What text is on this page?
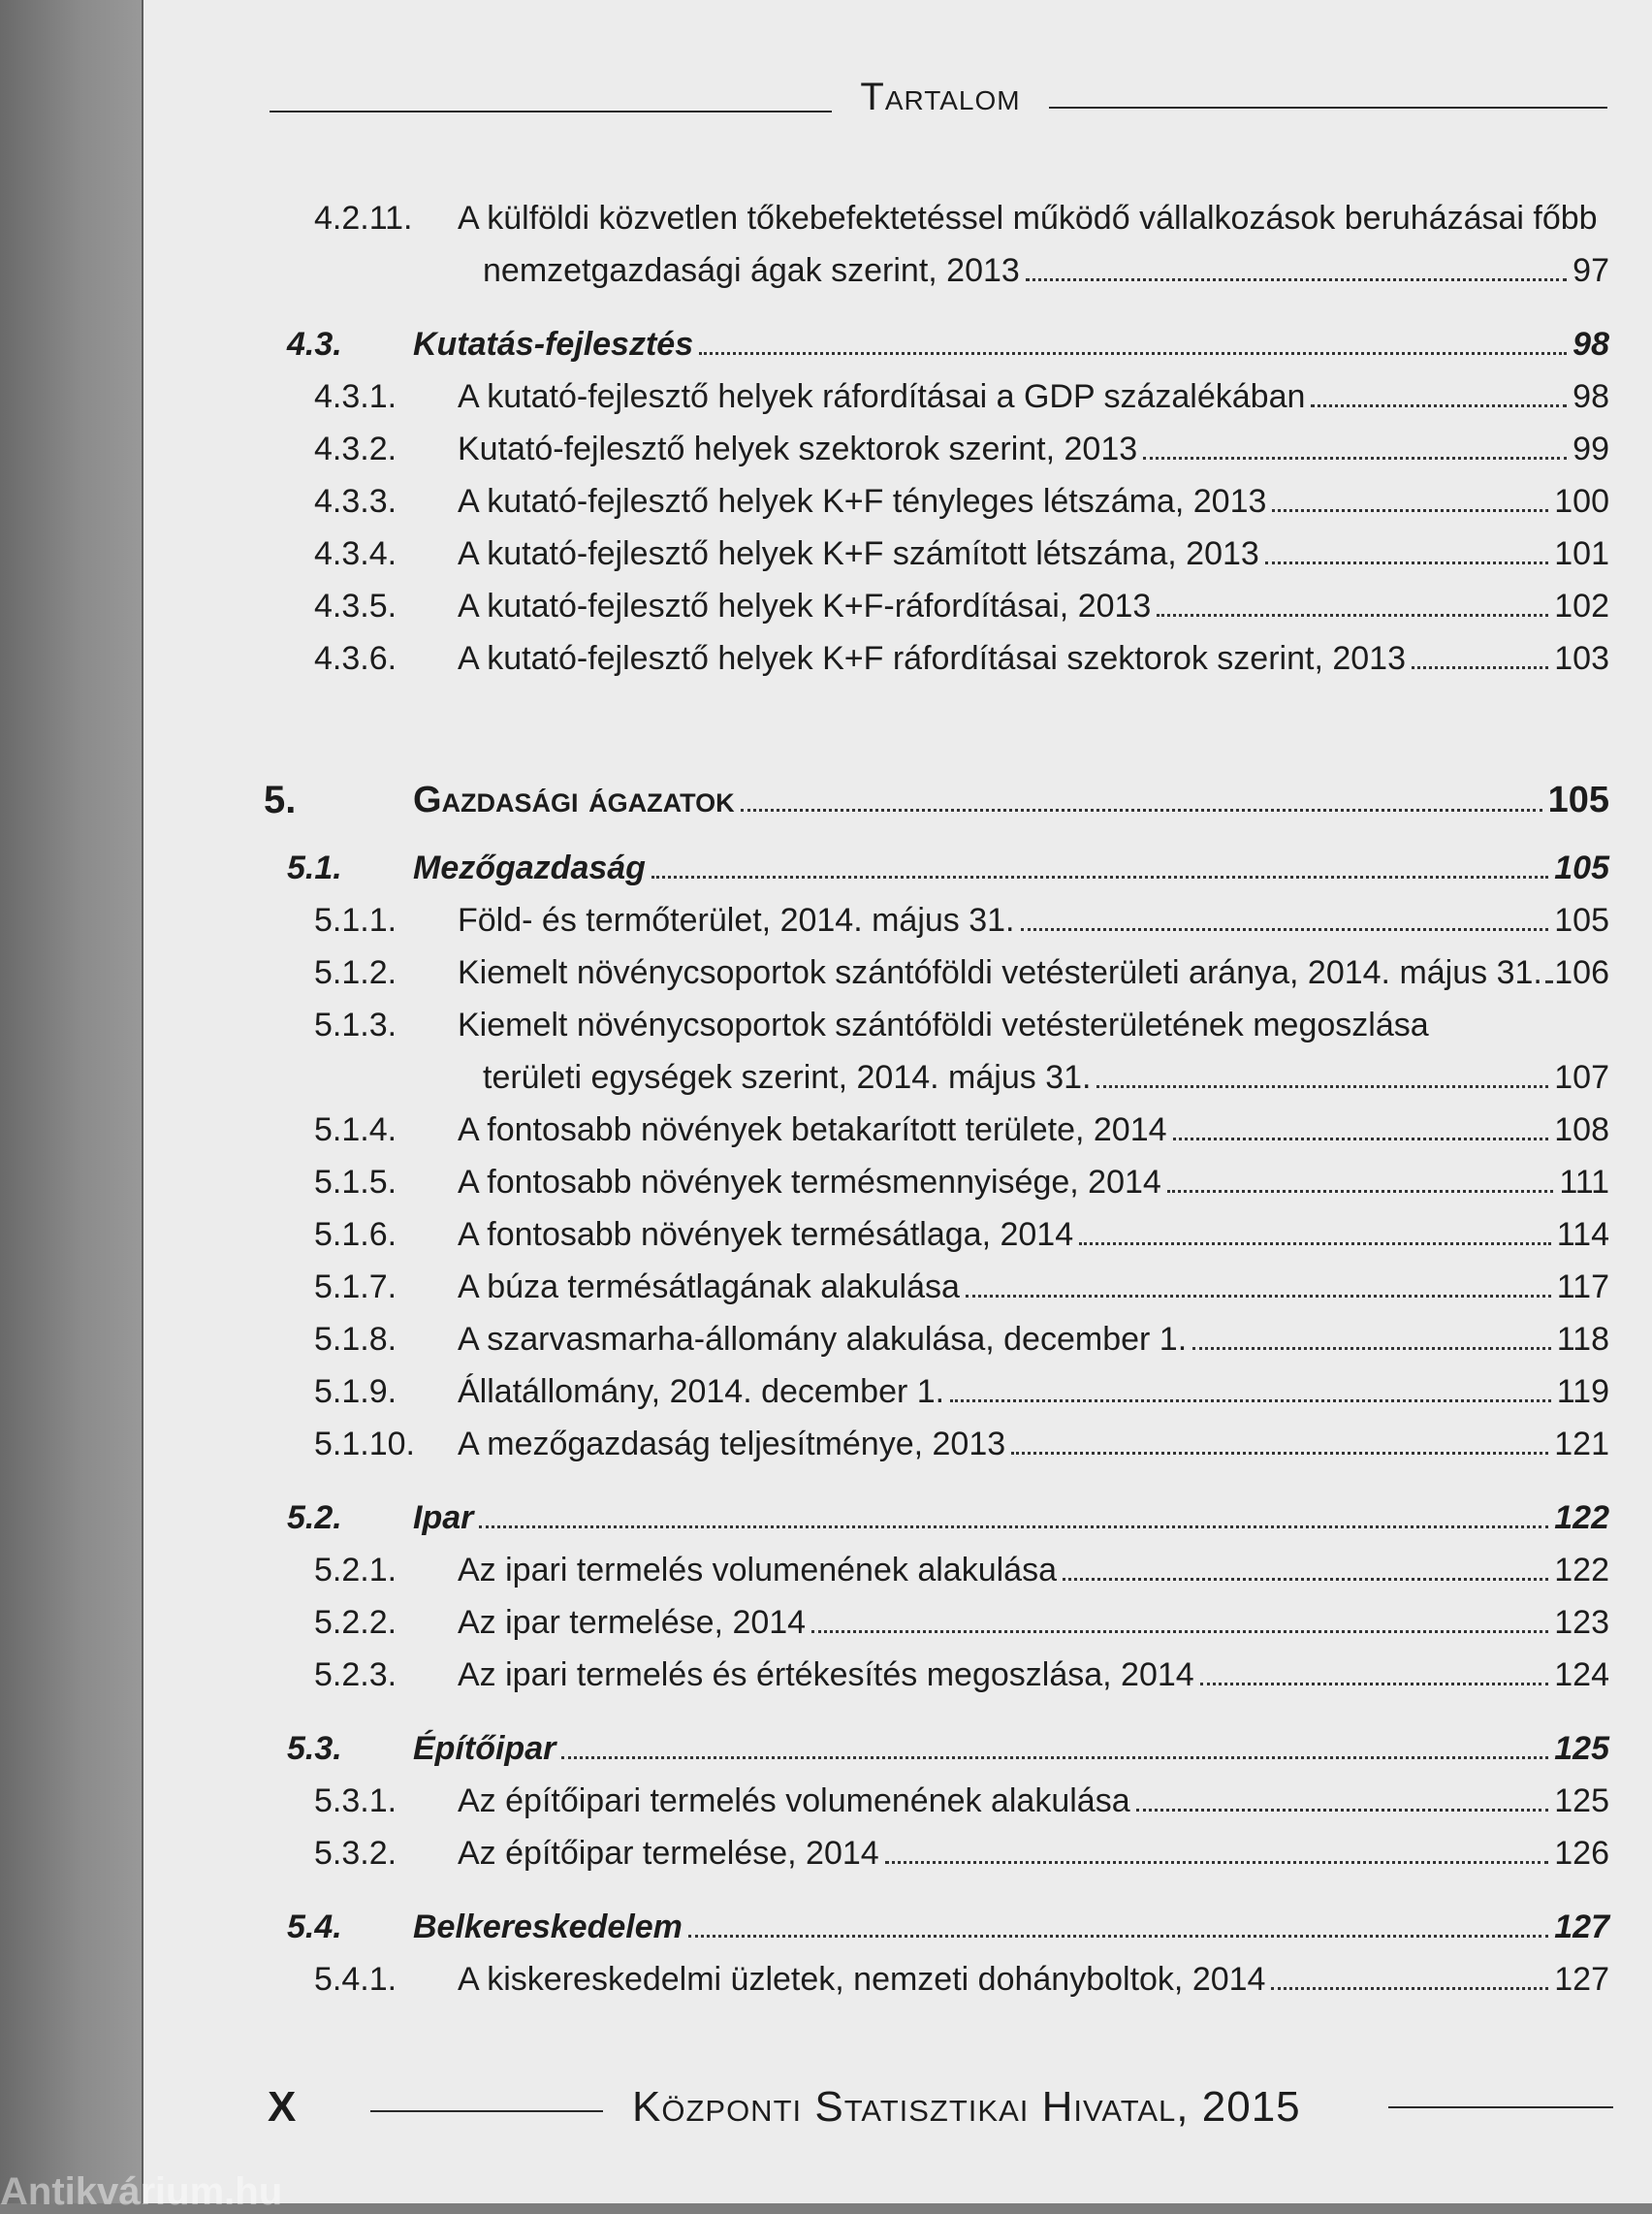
Tartalom
4.2.11. A külföldi közvetlen tőkebefektetéssel működő vállalkozások beruházásai főbb
nemzetgazdasági ágak szerint, 2013	97
4.3. Kutatás-fejlesztés	98
4.3.1. A kutató-fejlesztő helyek ráfordításai a GDP százalékában	98
4.3.2. Kutató-fejlesztő helyek szektorok szerint, 2013	99
4.3.3. A kutató-fejlesztő helyek K+F tényleges létszáma, 2013	100
4.3.4. A kutató-fejlesztő helyek K+F számított létszáma, 2013	101
4.3.5. A kutató-fejlesztő helyek K+F-ráfordításai, 2013	102
4.3.6. A kutató-fejlesztő helyek K+F ráfordításai szektorok szerint, 2013	103
5.	Gazdasági ágazatok	105
5.1. Mezőgazdaság	105
5.1.1. Föld- és termőterület, 2014. május 31.	105
5.1.2. Kiemelt növénycsoportok szántóföldi vetésterületi aránya, 2014. május 31. 106
5.1.3. Kiemelt növénycsoportok szántóföldi vetésterületének megoszlása
területi egységek szerint, 2014. május 31.	107
5.1.4. A fontosabb növények betakarított területe, 2014	108
5.1.5. A fontosabb növények termésmennyisége, 2014	111
5.1.6. A fontosabb növények termésátlaga, 2014	114
5.1.7. A búza termésátlagának alakulása	117
5.1.8. A szarvasmarha-állomány alakulása, december 1.	118
5.1.9. Állatállomány, 2014. december 1.	119
5.1.10. A mezőgazdaság teljesítménye, 2013	121
5.2. Ipar	122
5.2.1. Az ipari termelés volumenének alakulása	122
5.2.2. Az ipar termelése, 2014	123
5.2.3. Az ipari termelés és értékesítés megoszlása, 2014	124
5.3. Építőipar	125
5.3.1. Az építőipari termelés volumenének alakulása	125
5.3.2. Az építőipar termelése, 2014	126
5.4. Belkereskedelem	127
5.4.1. A kiskereskedelmi üzletek, nemzeti dohányboltok, 2014	127
X	Központi Statisztikai Hivatal, 2015
Antikvárium.hu
